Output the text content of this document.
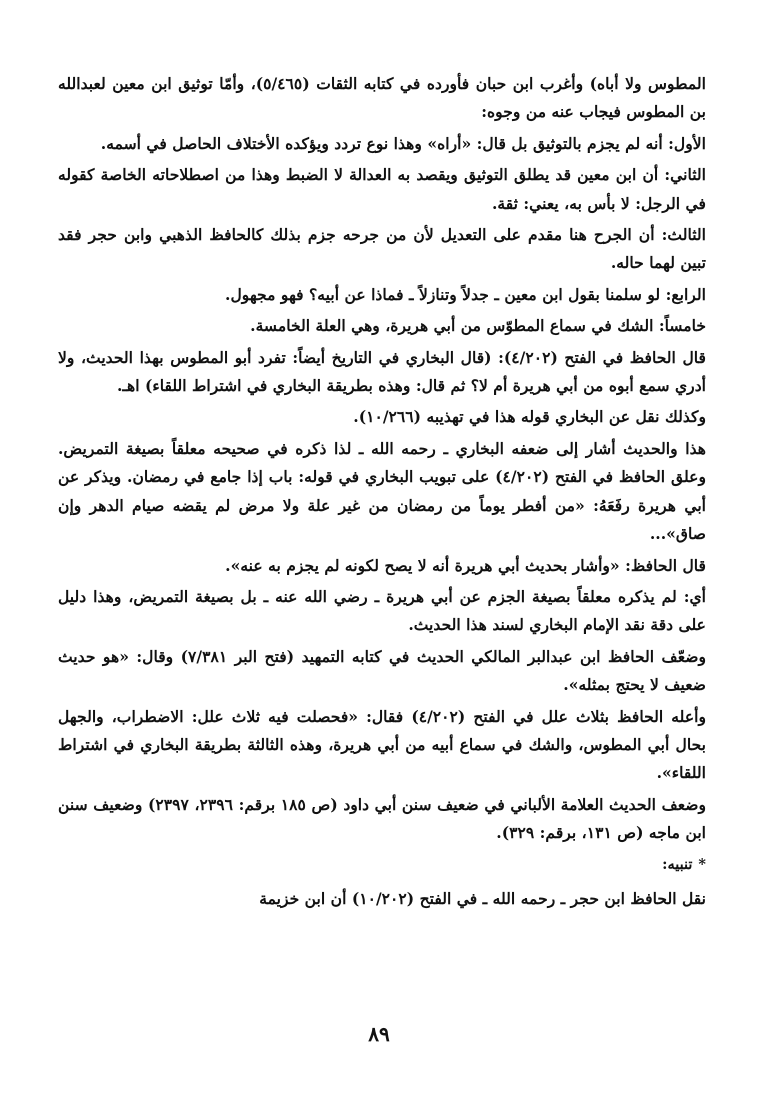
المطوس ولا أباه) وأغرب ابن حبان فأورده في كتابه الثقات (٥/٤٦٥)، وأمّا توثيق ابن معين لعبدالله بن المطوس فيجاب عنه من وجوه:

الأول: أنه لم يجزم بالتوثيق بل قال: «أراه» وهذا نوع تردد ويؤكده الأختلاف الحاصل في أسمه.

الثاني: أن ابن معين قد يطلق التوثيق ويقصد به العدالة لا الضبط وهذا من اصطلاحاته الخاصة كقوله في الرجل: لا بأس به، يعني: ثقة.

الثالث: أن الجرح هنا مقدم على التعديل لأن من جرحه جزم بذلك كالحافظ الذهبي وابن حجر فقد تبين لهما حاله.

الرابع: لو سلمنا بقول ابن معين ـ جدلاً وتنازلاً ـ فماذا عن أبيه؟ فهو مجهول.

خامساً: الشك في سماع المطوّس من أبي هريرة، وهي العلة الخامسة.

قال الحافظ في الفتح (٤/٢٠٢): (قال البخاري في التاريخ أيضاً: تفرد أبو المطوس بهذا الحديث، ولا أدري سمع أبوه من أبي هريرة أم لا؟ ثم قال: وهذه بطريقة البخاري في اشتراط اللقاء) اهـ.

وكذلك نقل عن البخاري قوله هذا في تهذيبه (١٠/٢٦٦).

هذا والحديث أشار إلى ضعفه البخاري ـ رحمه الله ـ لذا ذكره في صحيحه معلقاً بصيغة التمريض. وعلق الحافظ في الفتح (٤/٢٠٢) على تبويب البخاري في قوله: باب إذا جامع في رمضان. ويذكر عن أبي هريرة رفَعَهُ: «من أفطر يوماً من رمضان من غير علة ولا مرض لم يقضه صيام الدهر وإن صاق»...

قال الحافظ: «وأشار بحديث أبي هريرة أنه لا يصح لكونه لم يجزم به عنه».

أي: لم يذكره معلقاً بصيغة الجزم عن أبي هريرة ـ رضي الله عنه ـ بل بصيغة التمريض، وهذا دليل على دقة نقد الإمام البخاري لسند هذا الحديث.

وضعّف الحافظ ابن عبدالبر المالكي الحديث في كتابه التمهيد (فتح البر ٧/٣٨١) وقال: «هو حديث ضعيف لا يحتج بمثله».

وأعله الحافظ بثلاث علل في الفتح (٤/٢٠٢) فقال: «فحصلت فيه ثلاث علل: الاضطراب، والجهل بحال أبي المطوس، والشك في سماع أبيه من أبي هريرة، وهذه الثالثة بطريقة البخاري في اشتراط اللقاء».

وضعف الحديث العلامة الألباني في ضعيف سنن أبي داود (ص ١٨٥ برقم: ٢٣٩٦، ٢٣٩٧) وضعيف سنن ابن ماجه (ص ١٣١، برقم: ٣٢٩).

*تنبيه:

نقل الحافظ ابن حجر ـ رحمه الله ـ في الفتح (١٠/٢٠٢) أن ابن خزيمة

٨٩
